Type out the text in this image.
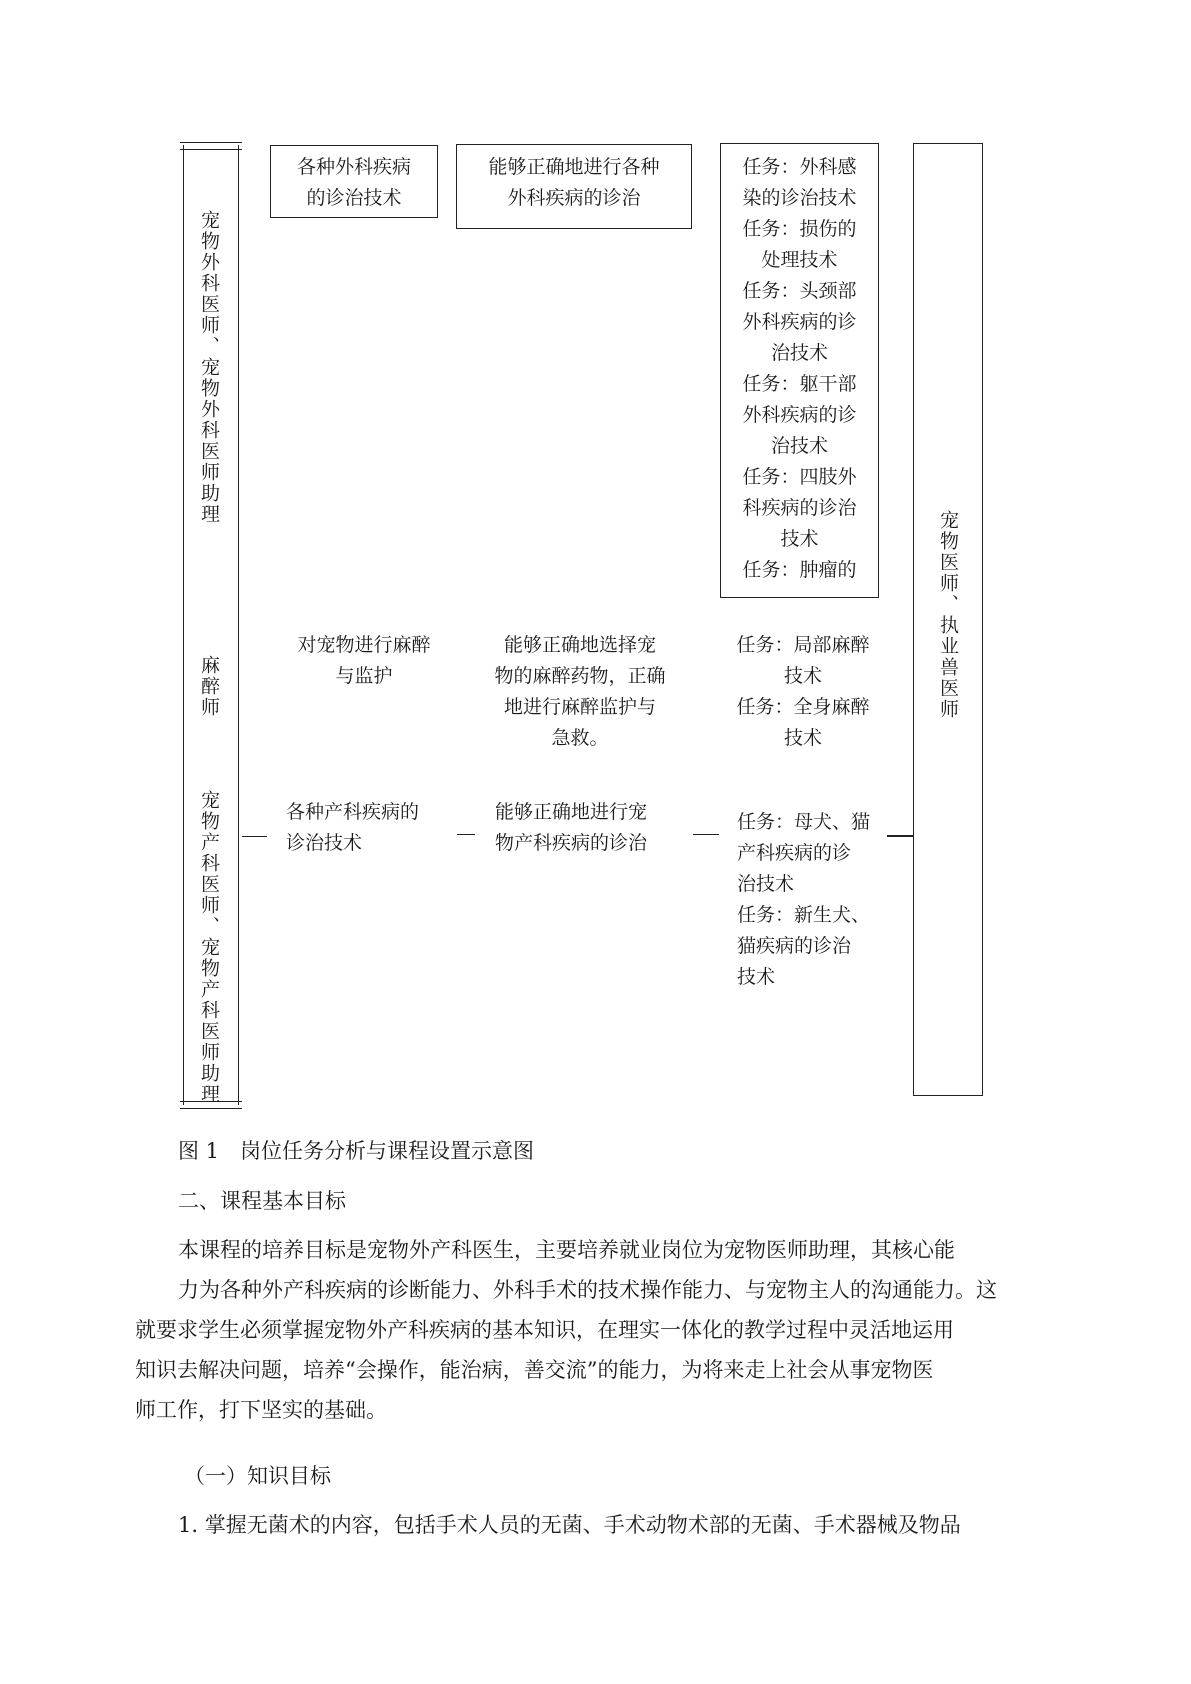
宠物外科医师、宠物外科医师助理
麻醉师
宠物产科医师、宠物产科医师助理
宠物医师、执业兽医师
各种外科疾病
的诊治技术
能够正确地进行各种
外科疾病的诊治
任务：外科感
染的诊治技术
任务：损伤的
处理技术
任务：头颈部
外科疾病的诊
治技术
任务：躯干部
外科疾病的诊
治技术
任务：四肢外
科疾病的诊治
技术
任务：肿瘤的
对宠物进行麻醉
与监护
能够正确地选择宠
物的麻醉药物，正确
地进行麻醉监护与
急救。
任务：局部麻醉
技术
任务：全身麻醉
技术
各种产科疾病的
诊治技术
能够正确地进行宠
物产科疾病的诊治
任务：母犬、猫
产科疾病的诊
治技术
任务：新生犬、
猫疾病的诊治
技术
图 1　岗位任务分析与课程设置示意图
二、课程基本目标
本课程的培养目标是宠物外产科医生，主要培养就业岗位为宠物医师助理，其核心能
力为各种外产科疾病的诊断能力、外科手术的技术操作能力、与宠物主人的沟通能力。这
就要求学生必须掌握宠物外产科疾病的基本知识，在理实一体化的教学过程中灵活地运用
知识去解决问题，培养“会操作，能治病，善交流”的能力，为将来走上社会从事宠物医
师工作，打下坚实的基础。
（一）知识目标
1. 掌握无菌术的内容，包括手术人员的无菌、手术动物术部的无菌、手术器械及物品
